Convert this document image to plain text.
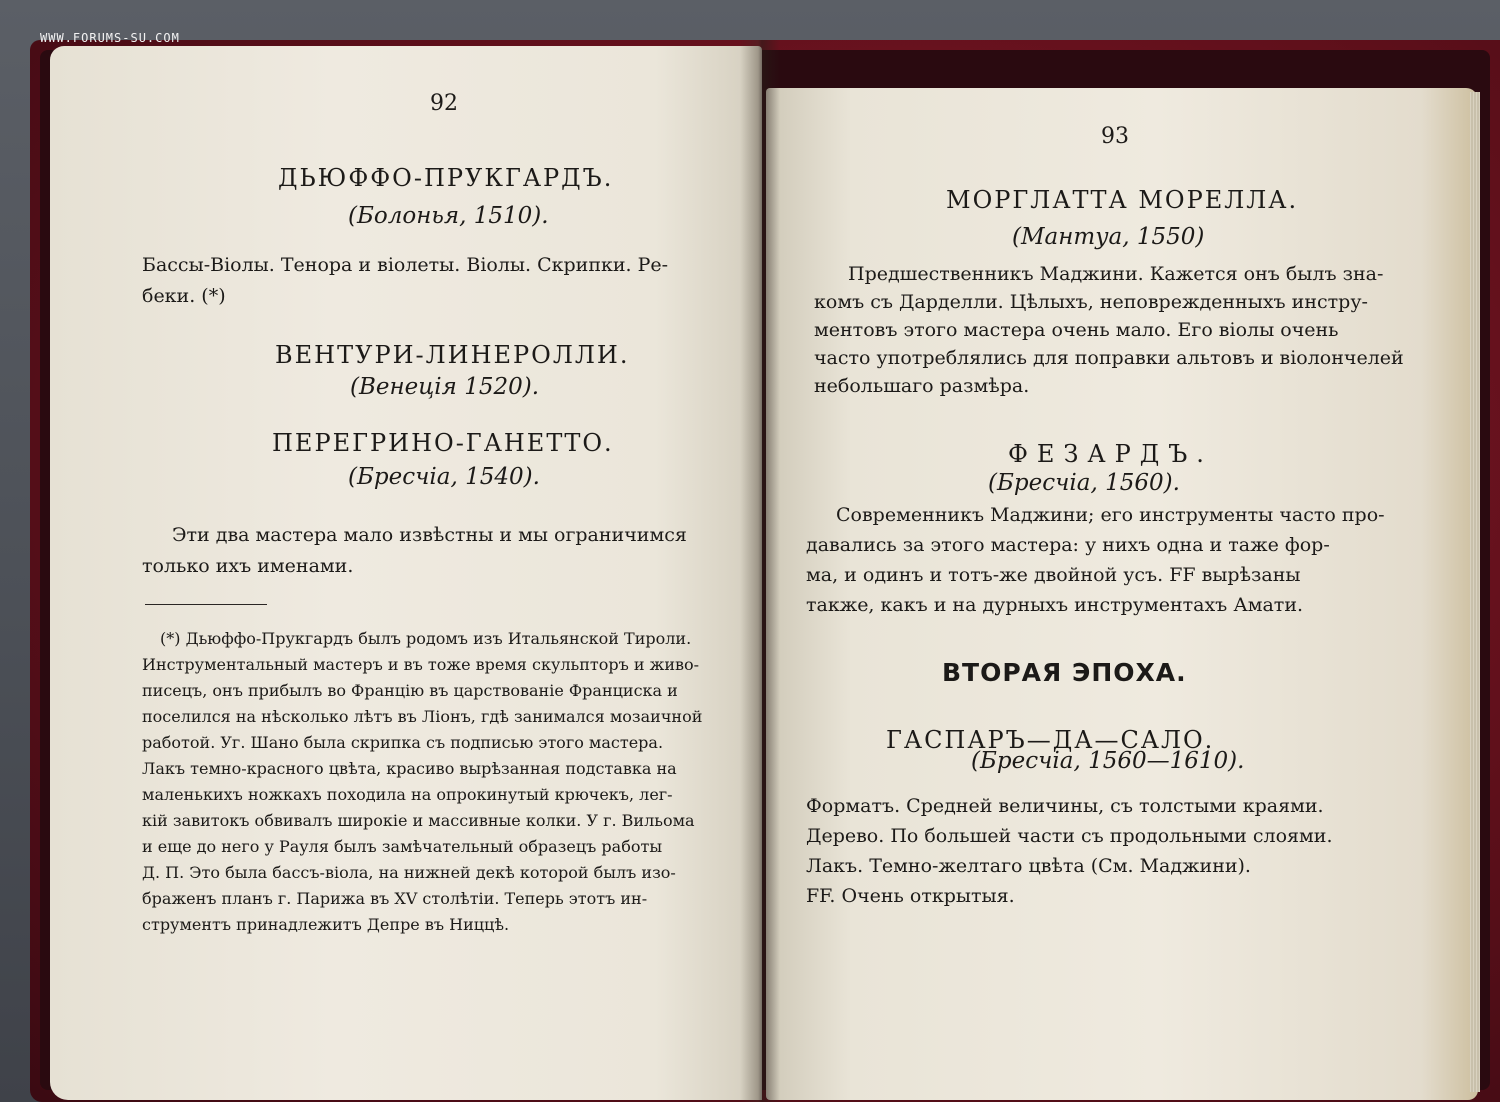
92
ДЬЮФФО-ПРУКГАРДЪ.
(Болонья, 1510).
Бассы-Віолы. Тенора и віолеты. Віолы. Скрипки. Ре-
беки. (*)
ВЕНТУРИ-ЛИНЕРОЛЛИ.
(Венеція 1520).
ПЕРЕГРИНО-ГАНЕТТО.
(Бресчіа, 1540).
Эти два мастера мало извѣстны и мы ограничимся
только ихъ именами.
(*) Дьюффо-Прукгардъ былъ родомъ изъ Итальянской Тироли.
Инструментальный мастеръ и въ тоже время скульпторъ и живо-
писецъ, онъ прибылъ во Францію въ царствованіе Франциска и
поселился на нѣсколько лѣтъ въ Ліонъ, гдѣ занимался мозаичной
работой. Уг. Шано была скрипка съ подписью этого мастера.
Лакъ темно-красного цвѣта, красиво вырѣзанная подставка на
маленькихъ ножкахъ походила на опрокинутый крючекъ, лег-
кій завитокъ обвивалъ широкіе и массивные колки. У г. Вильома
и еще до него у Рауля былъ замѣчательный образецъ работы
Д. П. Это была бассъ-віола, на нижней декѣ которой былъ изо-
браженъ планъ г. Парижа въ XV столѣтіи. Теперь этотъ ин-
струментъ принадлежитъ Депре въ Ниццѣ.
93
МОРГЛАТТА МОРЕЛЛА.
(Мантуа, 1550)
Предшественникъ Маджини. Кажется онъ былъ зна-
комъ съ Дарделли. Цѣлыхъ, неповрежденныхъ инстру-
ментовъ этого мастера очень мало. Его віолы очень
часто употреблялись для поправки альтовъ и віолончелей
небольшаго размѣра.
ФЕЗАРДЪ.
(Бресчіа, 1560).
Современникъ Маджини; его инструменты часто про-
давались за этого мастера: у нихъ одна и таже фор-
ма, и одинъ и тотъ-же двойной усъ. FF вырѣзаны
также, какъ и на дурныхъ инструментахъ Амати.
ВТОРАЯ ЭПОХА.
ГАСПАРЪ—ДА—САЛО.
(Бресчіа, 1560—1610).
Форматъ. Средней величины, съ толстыми краями.
Дерево. По большей части съ продольными слоями.
Лакъ. Темно-желтаго цвѣта (См. Маджини).
FF. Очень открытыя.
WWW.FORUMS-SU.COM
